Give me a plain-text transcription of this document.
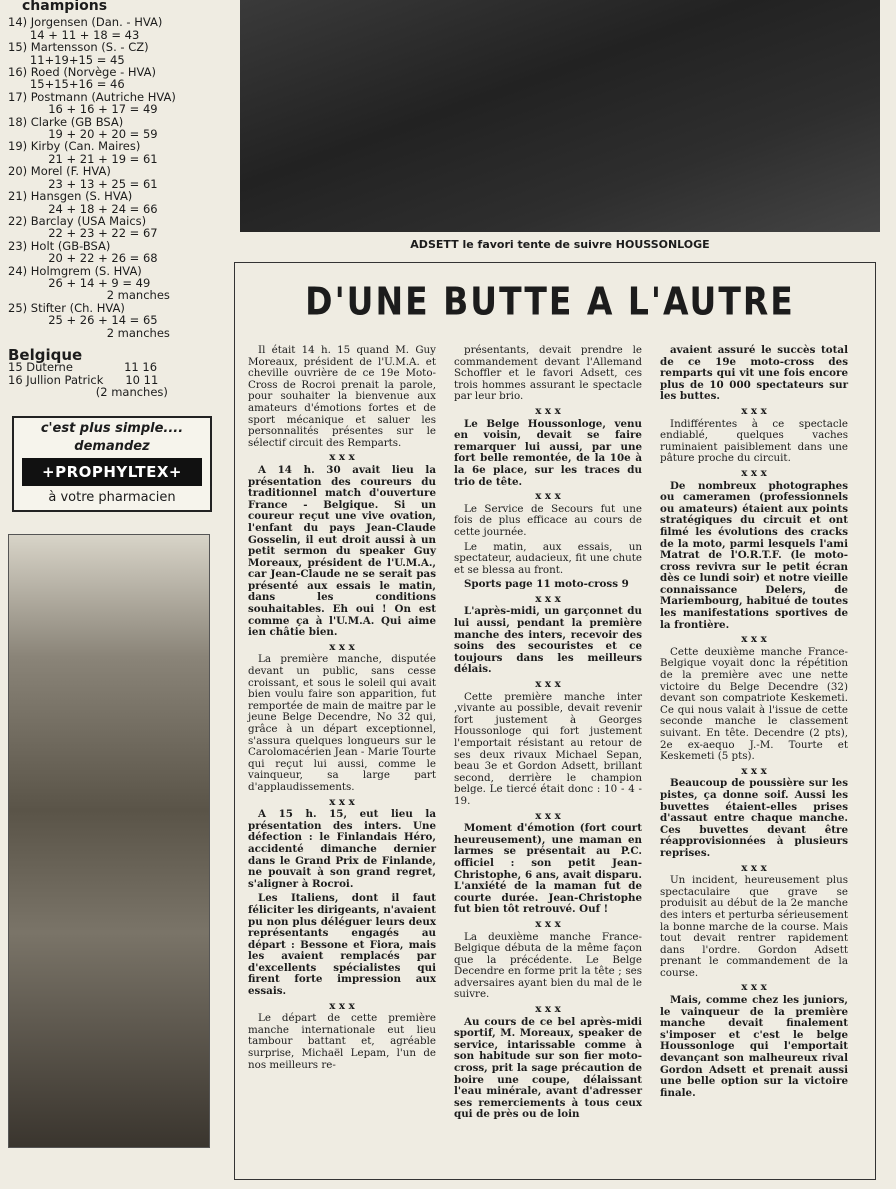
champions
14) Jorgensen (Dan. - HVA)
14 + 11 + 18 = 43
15) Martensson (S. - CZ)
11+19+15 = 45
16) Roed (Norvège - HVA)
15+15+16 = 46
17) Postmann (Autriche HVA)
16 + 16 + 17 = 49
18) Clarke (GB BSA)
19 + 20 + 20 = 59
19) Kirby (Can. Maires)
21 + 21 + 19 = 61
20) Morel (F. HVA)
23 + 13 + 25 = 61
21) Hansgen (S. HVA)
24 + 18 + 24 = 66
22) Barclay (USA Maics)
22 + 23 + 22 = 67
23) Holt (GB-BSA)
20 + 22 + 26 = 68
24) Holmgrem (S. HVA)
26 + 14 + 9 = 49
2 manches
25) Stifter (Ch. HVA)
25 + 26 + 14 = 65
2 manches
Belgique
15 Duterne              11 16
16 Jullion Patrick      10 11
(2 manches)
c'est plus simple....
demandez
+PROPHYLTEX+
à votre pharmacien
ADSETT le favori tente de suivre HOUSSONLOGE
D'UNE BUTTE A L'AUTRE

Il était 14 h. 15 quand M. Guy Moreaux, président de l'U.M.A. et cheville ouvrière de ce 19e Moto-Cross de Rocroi prenait la parole, pour souhaiter la bienvenue aux amateurs d'émotions fortes et de sport mécanique et saluer les personnalités présentes sur le sélectif circuit des Remparts.

x x x

A 14 h. 30 avait lieu la présentation des coureurs du traditionnel match d'ouverture France - Belgique. Si un coureur reçut une vive ovation, l'enfant du pays Jean-Claude Gosselin, il eut droit aussi à un petit sermon du speaker Guy Moreaux, président de l'U.M.A., car Jean-Claude ne se serait pas présenté aux essais le matin, dans les conditions souhaitables. Eh oui ! On est comme ça à l'U.M.A. Qui aime ien châtie bien.

x x x

La première manche, disputée devant un public, sans cesse croissant, et sous le soleil qui avait bien voulu faire son apparition, fut remportée de main de maitre par le jeune Belge Decendre, No 32 qui, grâce à un départ exceptionnel, s'assura quelques longueurs sur le Carolomacérien Jean - Marie Tourte qui reçut lui aussi, comme le vainqueur, sa large part d'applaudissements.

x x x

A 15 h. 15, eut lieu la présentation des inters. Une défection : le Finlandais Héro, accidenté dimanche dernier dans le Grand Prix de Finlande, ne pouvait à son grand regret, s'aligner à Rocroi.

Les Italiens, dont il faut féliciter les dirigeants, n'avaient pu non plus déléguer leurs deux représentants engagés au départ : Bessone et Fiora, mais les avaient remplacés par d'excellents spécialistes qui firent forte impression aux essais.

x x x

Le départ de cette première manche internationale eut lieu tambour battant et, agréable surprise, Michaël Lepam, l'un de nos meilleurs re-

présentants, devait prendre le commandement devant l'Allemand Schoffler et le favori Adsett, ces trois hommes assurant le spectacle par leur brio.

x x x

Le Belge Houssonloge, venu en voisin, devait se faire remarquer lui aussi, par une fort belle remontée, de la 10e à la 6e place, sur les traces du trio de tête.

x x x

Le Service de Secours fut une fois de plus efficace au cours de cette journée.

Le matin, aux essais, un spectateur, audacieux, fit une chute et se blessa au front.

Sports page 11 moto-cross 9

x x x

L'après-midi, un garçonnet du lui aussi, pendant la première manche des inters, recevoir des soins des secouristes et ce toujours dans les meilleurs délais.

x x x

Cette première manche inter ,vivante au possible, devait revenir fort justement à Georges Houssonloge qui fort justement l'emportait résistant au retour de ses deux rivaux Michael Sepan, beau 3e et Gordon Adsett, brillant second, derrière le champion belge. Le tiercé était donc : 10 - 4 - 19.

x x x

Moment d'émotion (fort court heureusement), une maman en larmes se présentait au P.C. officiel : son petit Jean-Christophe, 6 ans, avait disparu. L'anxiété de la maman fut de courte durée. Jean-Christophe fut bien tôt retrouvé. Ouf !

x x x

La deuxième manche France-Belgique débuta de la même façon que la précédente. Le Belge Decendre en forme prit la tête ; ses adversaires ayant bien du mal de le suivre.

x x x

Au cours de ce bel après-midi sportif, M. Moreaux, speaker de service, intarissable comme à son habitude sur son fier moto-cross, prit la sage précaution de boire une coupe, délaissant l'eau minérale, avant d'adresser ses remerciements à tous ceux qui de près ou de loin

avaient assuré le succès total de ce 19e moto-cross des remparts qui vit une fois encore plus de 10 000 spectateurs sur les buttes.

x x x

Indifférentes à ce spectacle endiablé, quelques vaches ruminaient paisiblement dans une pâture proche du circuit.

x x x

De nombreux photographes ou cameramen (professionnels ou amateurs) étaient aux points stratégiques du circuit et ont filmé les évolutions des cracks de la moto, parmi lesquels l'ami Matrat de l'O.R.T.F. (le moto-cross revivra sur le petit écran dès ce lundi soir) et notre vieille connaissance Delers, de Mariembourg, habitué de toutes les manifestations sportives de la frontière.

x x x

Cette deuxième manche France-Belgique voyait donc la répétition de la première avec une nette victoire du Belge Decendre (32) devant son compatriote Keskemeti. Ce qui nous valait à l'issue de cette seconde manche le classement suivant. En tête. Decendre (2 pts), 2e ex-aequo J.-M. Tourte et Keskemeti (5 pts).

x x x

Beaucoup de poussière sur les pistes, ça donne soif. Aussi les buvettes étaient-elles prises d'assaut entre chaque manche. Ces buvettes devant être réapprovisionnées à plusieurs reprises.

x x x

Un incident, heureusement plus spectaculaire que grave se produisit au début de la 2e manche des inters et perturba sérieusement la bonne marche de la course. Mais tout devait rentrer rapidement dans l'ordre. Gordon Adsett prenant le commandement de la course.

x x x

Mais, comme chez les juniors, le vainqueur de la première manche devait finalement s'imposer et c'est le belge Houssonloge qui l'emportait devançant son malheureux rival Gordon Adsett et prenait aussi une belle option sur la victoire finale.
